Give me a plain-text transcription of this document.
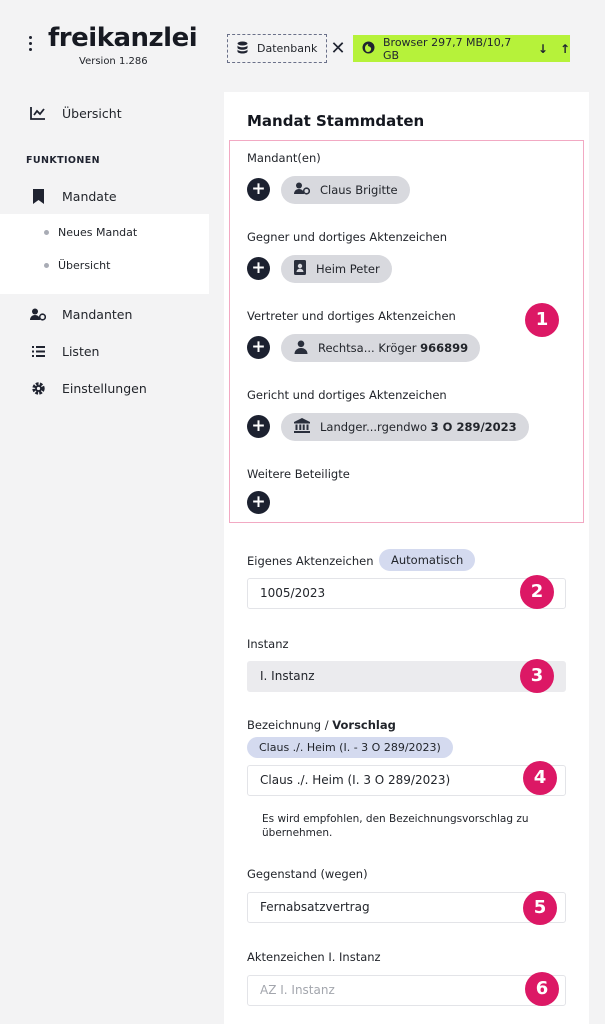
freikanzlei
Version 1.286
Datenbank ✕	Browser 297,7 MB/10,7 GB	↓ ↑
Übersicht
FUNKTIONEN
Mandate
Neues Mandat
Übersicht
Mandanten
Listen
Einstellungen
Mandat Stammdaten
Mandant(en)
+	Claus Brigitte
Gegner und dortiges Aktenzeichen
+	Heim Peter
Vertreter und dortiges Aktenzeichen
+	Rechtsa... Kröger 966899
Gericht und dortiges Aktenzeichen
+	Landger...rgendwo 3 O 289/2023
Weitere Beteiligte
+
1
Eigenes Aktenzeichen	Automatisch
1005/2023	2
Instanz
I. Instanz	3
Bezeichnung / Vorschlag
Claus ./. Heim (I. - 3 O 289/2023)
Claus ./. Heim (I. 3 O 289/2023)	4
Es wird empfohlen, den Bezeichnungsvorschlag zu übernehmen.
Gegenstand (wegen)
Fernabsatzvertrag	5
Aktenzeichen I. Instanz
AZ I. Instanz	6
